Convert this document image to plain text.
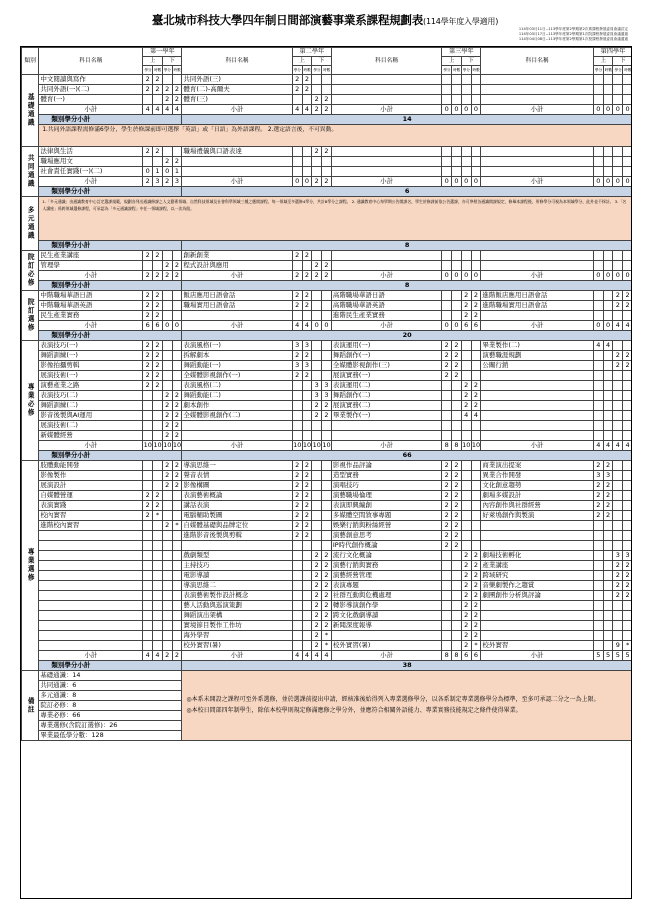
臺北城市科技大學四年制日間部演藝事業系課程規劃表(114學年度入學適用)
114年03月11日--113學年度第2學期第2次系課程發展委員會議訂定
114年03月17日--113學年度第2學期第1次院課程發展委員會議通過
114年04月08日--113學年度第2學期第1次校課程發展委員會議通過
類別	科目名稱	第一學年				科目名稱	第二學年				科目名稱	第三學年				科目名稱	第四學年			
		上		下			上		下			上		下			上		下	
		學分	時數	學分	時數		學分	時數	學分	時數		學分	時數	學分	時數		學分	時數	學分	時數
基礎通識	中文閱讀與寫作	2	2			共同外語(三)	2	2												
	共同外語(一)(二)	2	2	2	2	體育(二)-高爾夫	2	2												
	體育(一)			2	2	體育(三)			2	2										
	小計	4	4	4	4	小計	4	4	2	2	小計	0	0	0	0	小計	0	0	0	0
	類別學分小計					14														
	1.共同外語課程需修滿6學分，學生於修課前即可選擇「英語」或「日語」為外語課程。 2.選定語言後，不可異動。																			
共同通識	法律與生活	2	2			職場禮儀與口語表達			2	2										
	職場應用文			2	2															
	社會責任實踐(一)(二)	0	1	0	1															
	小計	2	3	2	3	小計	0	0	2	2	小計	0	0	0	0	小計	0	0	0	0
	類別學分小計					6														
多元通識	1.「多元通識」由通識教育中心訂定選課規範，規劃各列出通識修課之人文藝術領域、自然科技領域及社會科學領域三種之應開課程，每一領域至多選修4學分，共計8學分之課程。 2. 通識教育中心每學期公告開課名，學生於修課前依公告選課，亦可參照各通識開課規定，修畢本課程後，所修學分可視為本領域學分，此外並不採計。 3.「名人講座」係跨領域選修課程，可承認為「多元通識課程」中任一領域課程，以一次為限。																			
	類別學分小計					8														
院訂必修	民生產業講座	2	2			創新創業	2	2												
	管理學			2	2	程式設計與應用			2	2										
	小計	2	2	2	2	小計	2	2	2	2	小計	0	0	0	0	小計	0	0	0	0
	類別學分小計					8														
院訂選修	中階職場華語日語	2	2			飯店應用日語會話	2	2			高階職場華語日語			2	2	進階飯店應用日語會話			2	2
	中階職場華語英語	2	2			職場實用日語會話	2	2			高階職場華語英語			2	2	進階職場實用日語會話			2	2
	民生產業實務	2	2								進階民生產業實務			2	2					
	小計	6	6	0	0	小計	4	4	0	0	小計	0	0	6	6	小計	0	0	4	4
	類別學分小計					20														
專業必修	表演技巧(一)	2	2			表演風格(一)	3	3			表演運用(一)	2	2			畢業製作(二)	4	4		
	舞蹈訓練(一)	2	2			拆解劇本	2	2			舞蹈創作(一)	2	2			演藝職涯規劃			2	2
	影像拍攝剪輯	2	2			舞蹈動能(一)	3	3			全媒體影視創作(三)	2	2			公關行銷			2	2
	展演技術(一)	2	2			全媒體影視創作(一)	2	2			展演實務(一)	2	2							
	演藝產業之路	2	2			表演風格(二)			3	3	表演運用(二)			2	2					
	表演技巧(二)			2	2	舞蹈動能(二)			3	3	舞蹈創作(二)			2	2					
	舞蹈訓練(二)			2	2	劇本創作			2	2	展演實務(二)			2	2					
	影音後製與AI運用			2	2	全媒體影視創作(二)			2	2	畢業製作(一)			4	4					
	展演技術(二)			2	2															
	新媒體經營			2	2															
	小計	10	10	10	10	小計	10	10	10	10	小計	8	8	10	10	小計	4	4	4	4
	類別學分小計					66														
專業選修	肢體動能開發			2	2	導演思維一	2	2			影視作品評論	2	2			商業演出提案	2	2		
	影像製作			2	2	聲音表情	2	2			造型實務	2	2			異業合作開發	3	3		
	展演設計			2	2	影像構圖	2	2			演唱技巧	2	2			文化創意趨勢	2	2		
	自媒體營運	2	2			表演藝術概論	2	2			演藝職場倫理	2	2			劇場多媒設計	2	2		
	表演實踐	2	2			講話表演	2	2			表演即興編創	2	2			內容創作與社群經營	2	2		
	校內實習	2	*			電腦輔助製圖	2	2			多媒體空間敘事專題	2	2			好萊塢創作與製演	2	2		
	進階校內實習			2	*	自媒體基礎與品牌定位	2	2			娛樂行銷與粉絲經營	2	2							
						進階影音後製與剪輯	2	2			演藝創意思考	2	2							
											IP時代創作概論	2	2							
						戲劇類型			2	2	流行文化概論			2	2	劇場技術孵化			3	3
						主持技巧			2	2	演藝行銷與實務			2	2	產業講座			2	2
						電影導讀			2	2	演藝經營管理			2	2	跨域研究			2	2
						導演思維二			2	2	表演專題			2	2	音樂劇製作之趨賞			2	2
						表演藝術製作設計概念			2	2	社群互動與危機處理			2	2	劇團創作分析與評論			2	2
						藝人活動與巡演策劃			2	2	轉影導演創作學			2	2					
						舞蹈演出架構			2	2	跨文化戲劇導讀			2	2					
						實境節目製作工作坊			2	2	新聞深度報導			2	2					
						海外學習			2	*				2	2					
						校外實習(暑)			2	*	校外實習(暑)			2	*	校外實習			9	*
	小計	4	4	2	2	小計	4	4	4	4	小計	8	8	6	6	小計	5	5	5	5
	類別學分小計					38														
備註	基礎通識：14					◎本系未開設之課程可至外系選修，並於選課前提出申請，經核准後始得列入專業選修學分，以各系制定專業選修學分為標準，至多可承認二分之一為上限。
◎本校日間部四年制學生，除依本校學則規定修滿應修之學分外，並應符合相關外語能力、專業實務技能規定之條件使得畢業。														

	共同通識：6																			
	多元通識：8																			
	院訂必修：8																			
	專業必修：66																			
	專業選修(含院訂選修)：26																			
	畢業最低學分數：128																			
